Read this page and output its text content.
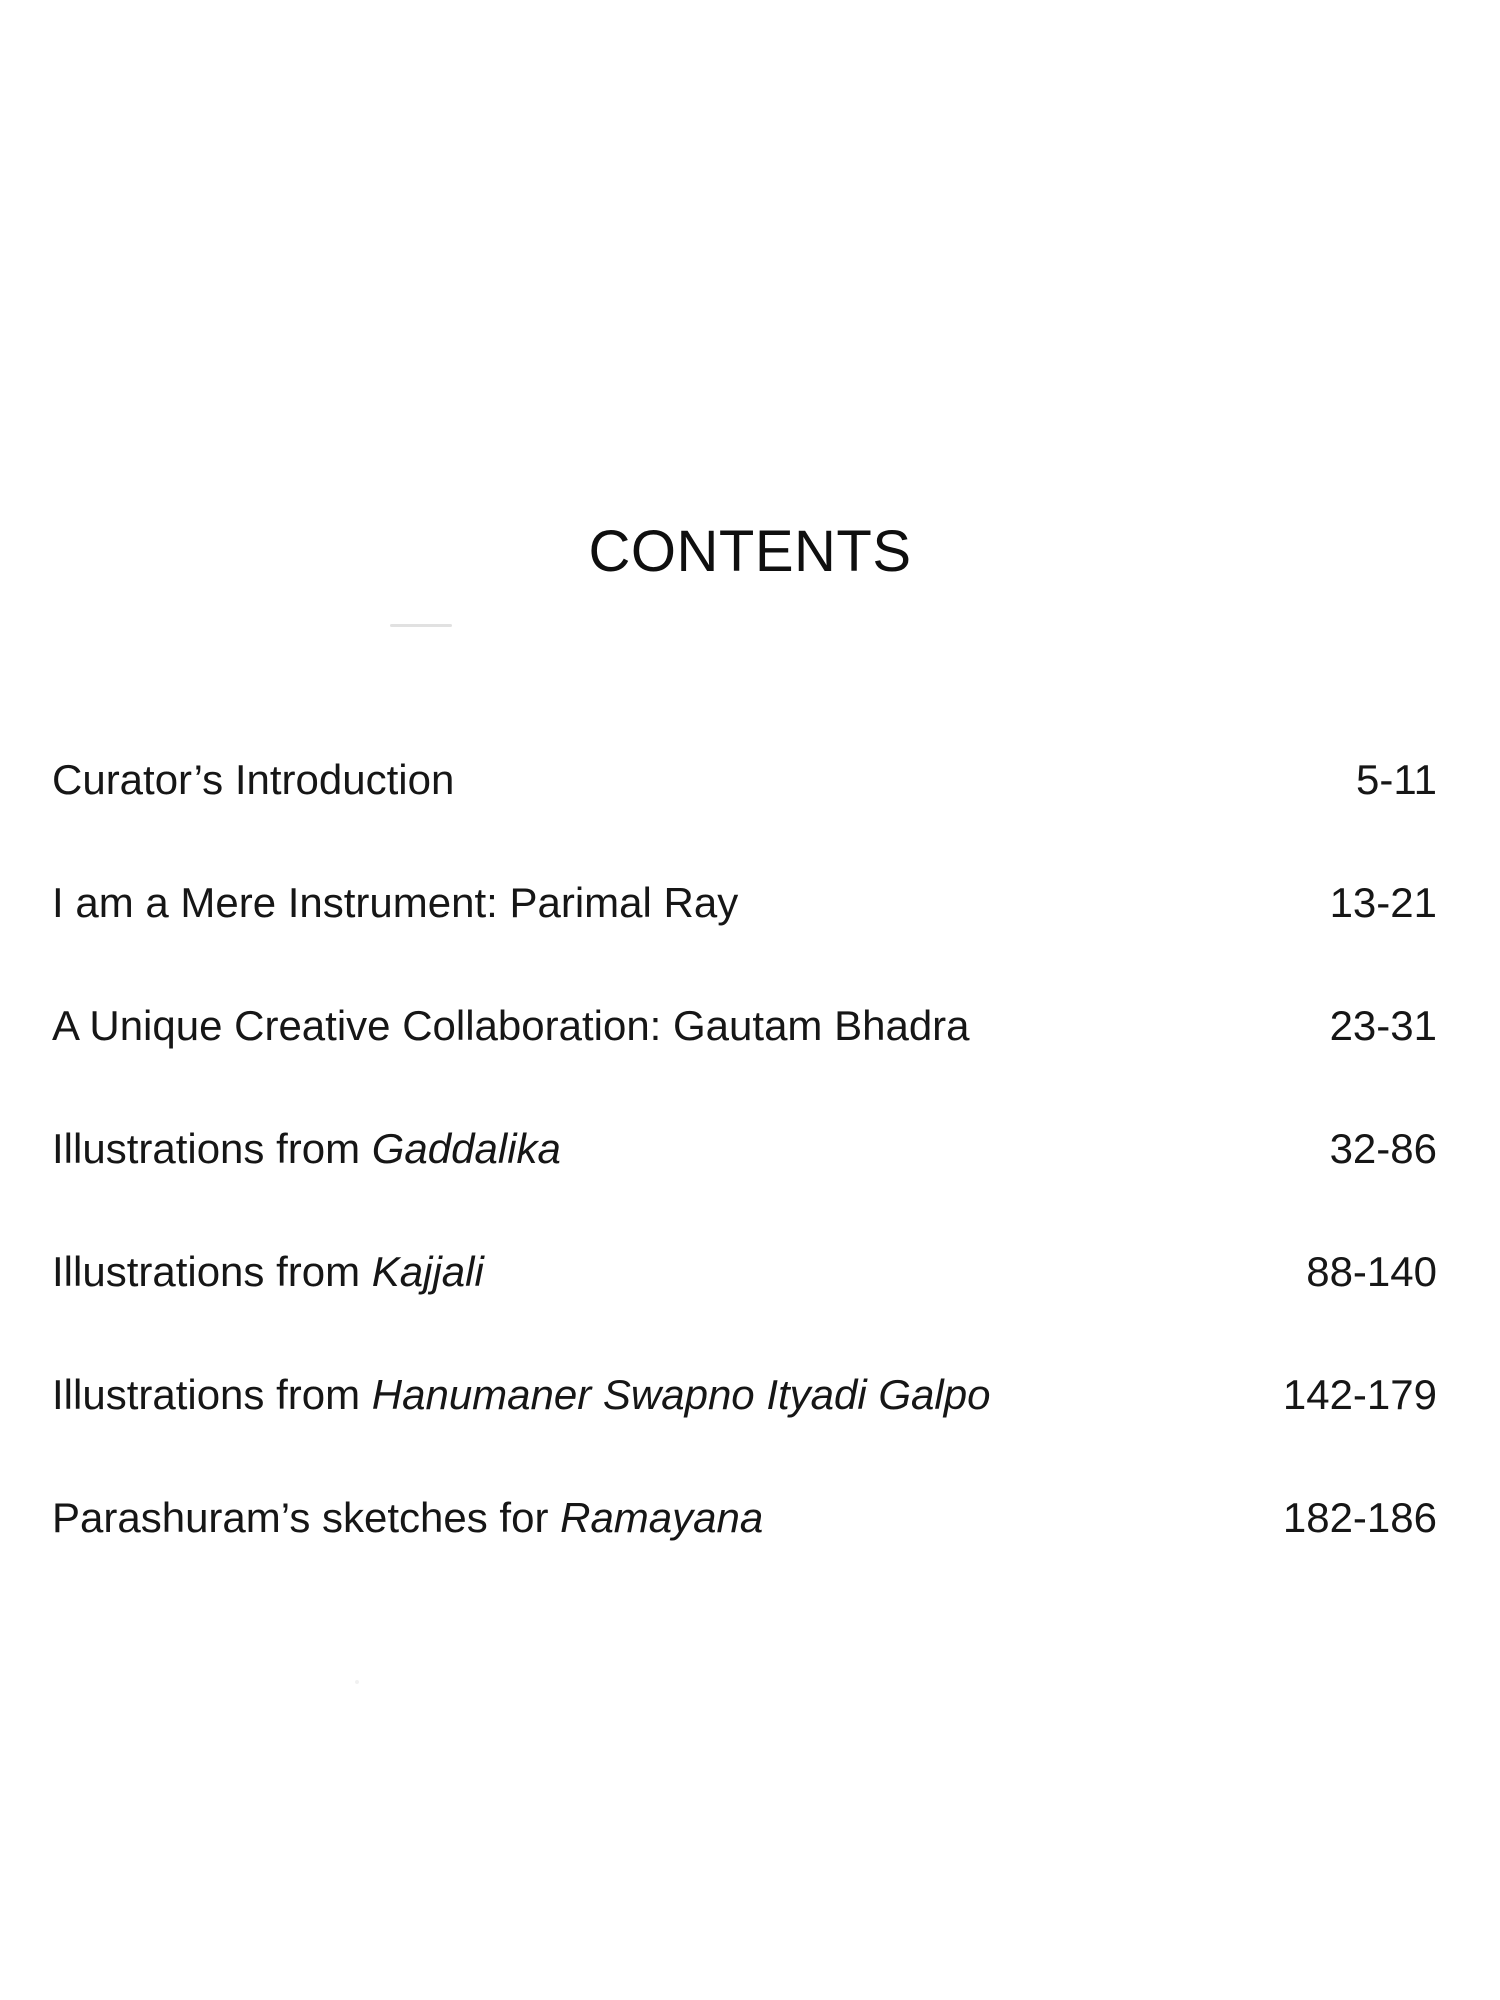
CONTENTS
Curator’s Introduction	5-11
I am a Mere Instrument: Parimal Ray	13-21
A Unique Creative Collaboration: Gautam Bhadra	23-31
Illustrations from Gaddalika	32-86
Illustrations from Kajjali	88-140
Illustrations from Hanumaner Swapno Ityadi Galpo	142-179
Parashuram’s sketches for Ramayana	182-186
